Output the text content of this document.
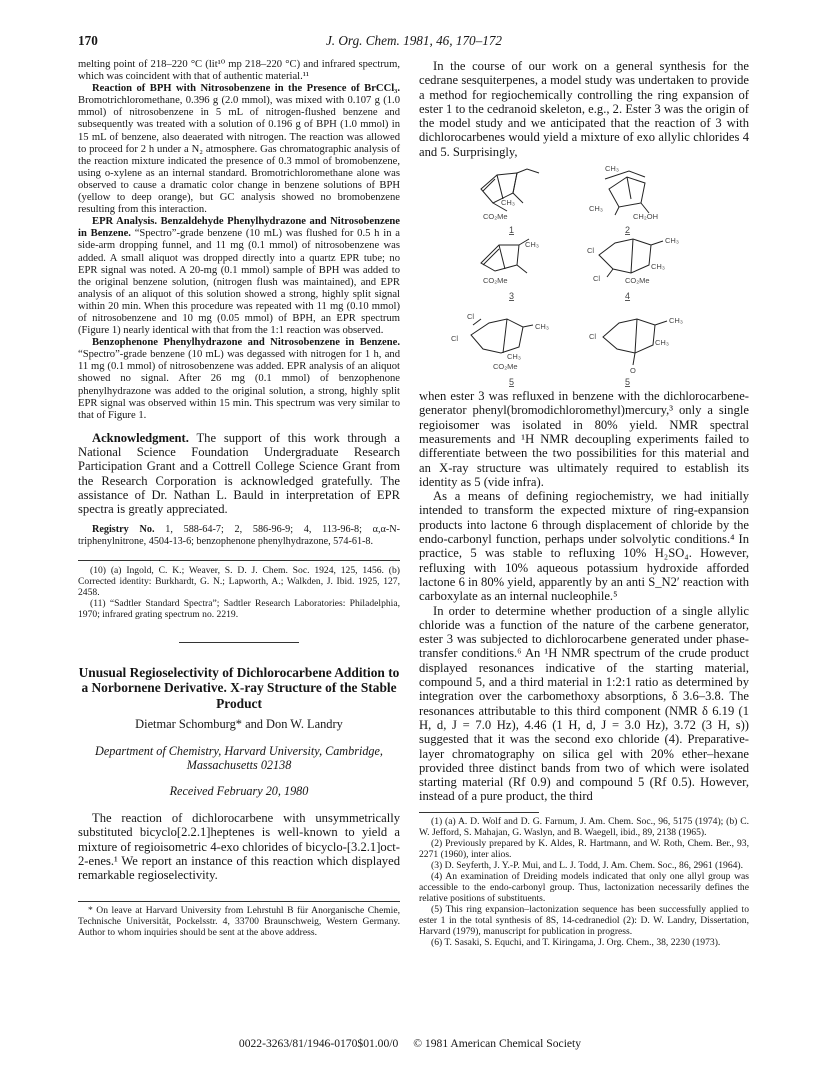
170	J. Org. Chem. 1981, 46, 170–172

melting point of 218–220 °C (lit¹⁰ mp 218–220 °C) and infrared spectrum, which was coincident with that of authentic material.¹¹

Reaction of BPH with Nitrosobenzene in the Presence of BrCCl₃. Bromotrichloromethane, 0.396 g (2.0 mmol), was mixed with 0.107 g (1.0 mmol) of nitrosobenzene in 5 mL of nitrogen-flushed benzene and subsequently was treated with a solution of 0.196 g of BPH (1.0 mmol) in 15 mL of benzene, also deaerated with nitrogen. The reaction was allowed to proceed for 2 h under a N₂ atmosphere. Gas chromatographic analysis of the reaction mixture indicated the presence of 0.3 mmol of bromobenzene, using o-xylene as an internal standard. Bromotrichloromethane alone was observed to cause a dramatic color change in benzene solutions of BPH (yellow to deep orange), but GC analysis showed no bromobenzene resulting from this interaction.

EPR Analysis. Benzaldehyde Phenylhydrazone and Nitrosobenzene in Benzene. “Spectro”-grade benzene (10 mL) was flushed for 0.5 h in a side-arm dropping funnel, and 11 mg (0.1 mmol) of nitrosobenzene was added. A small aliquot was dropped directly into a quartz EPR tube; no EPR signal was noted. A 20-mg (0.1 mmol) sample of BPH was added to the original benzene solution, (nitrogen flush was maintained), and EPR analysis of an aliquot of this solution showed a strong, highly split signal within 20 min. When this procedure was repeated with 11 mg (0.10 mmol) of nitrosobenzene and 10 mg (0.05 mmol) of BPH, an EPR spectrum (Figure 1) nearly identical with that from the 1:1 reaction was observed.

Benzophenone Phenylhydrazone and Nitrosobenzene in Benzene. “Spectro”-grade benzene (10 mL) was degassed with nitrogen for 1 h, and 11 mg (0.1 mmol) of nitrosobenzene was added. EPR analysis of an aliquot showed no signal. After 26 mg (0.1 mmol) of benzophenone phenylhydrazone was added to the original solution, a strong, highly split EPR signal was observed within 15 min. This spectrum was very similar to that of Figure 1.

Acknowledgment. The support of this work through a National Science Foundation Undergraduate Research Participation Grant and a Cottrell College Science Grant from the Research Corporation is acknowledged gratefully. The assistance of Dr. Nathan L. Bauld in interpretation of EPR spectra is greatly appreciated.

Registry No. 1, 588-64-7; 2, 586-96-9; 4, 113-96-8; α,α-N-triphenylnitrone, 4504-13-6; benzophenone phenylhydrazone, 574-61-8.

(10) (a) Ingold, C. K.; Weaver, S. D. J. Chem. Soc. 1924, 125, 1456. (b) Corrected identity: Burkhardt, G. N.; Lapworth, A.; Walkden, J. Ibid. 1925, 127, 2458.

(11) “Sadtler Standard Spectra”; Sadtler Research Laboratories: Philadelphia, 1970; infrared grating spectrum no. 2219.

Unusual Regioselectivity of Dichlorocarbene Addition to a Norbornene Derivative. X-ray Structure of the Stable Product
Dietmar Schomburg* and Don W. Landry
Department of Chemistry, Harvard University, Cambridge, Massachusetts 02138
Received February 20, 1980

The reaction of dichlorocarbene with unsymmetrically substituted bicyclo[2.2.1]heptenes is well-known to yield a mixture of regioisometric 4-exo chlorides of bicyclo-[3.2.1]oct-2-enes.¹ We report an instance of this reaction which displayed remarkable regioselectivity.

* On leave at Harvard University from Lehrstuhl B für Anorganische Chemie, Technische Universität, Pockelsstr. 4, 33700 Braunschweig, Western Germany. Author to whom inquiries should be sent at the above address.

In the course of our work on a general synthesis for the cedrane sesquiterpenes, a model study was undertaken to provide a method for regiochemically controlling the ring expansion of ester 1 to the cedranoid skeleton, e.g., 2. Ester 3 was the origin of the model study and we anticipated that the reaction of 3 with dichlorocarbenes would yield a mixture of exo allylic chlorides 4 and 5. Surprisingly,

CH₃
CH₃
CO₂Me
CH₃
CH₂OH
CH₃
CO₂Me
Cl
Cl
CH₃
CH₃
CO₂Me
Cl
Cl
CH₃
CH₃
CO₂Me
Cl
CH₃
CH₃
O
1	2
3	4
5	5

when ester 3 was refluxed in benzene with the dichlorocarbene-generator phenyl(bromodichloromethyl)mercury,³ only a single regioisomer was isolated in 80% yield. NMR spectral measurements and ¹H NMR decoupling experiments failed to differentiate between the two possibilities for this material and an X-ray structure was ultimately required to establish its identity as 5 (vide infra).

As a means of defining regiochemistry, we had initially intended to transform the expected mixture of ring-expansion products into lactone 6 through displacement of chloride by the endo-carbonyl function, perhaps under solvolytic conditions.⁴ In practice, 5 was stable to refluxing 10% H₂SO₄. However, refluxing with 10% aqueous potassium hydroxide afforded lactone 6 in 80% yield, apparently by an anti S_N2′ reaction with carboxylate as an internal nucleophile.⁵

In order to determine whether production of a single allylic chloride was a function of the nature of the carbene generator, ester 3 was subjected to dichlorocarbene generated under phase-transfer conditions.⁶ An ¹H NMR spectrum of the crude product displayed resonances indicative of the starting material, compound 5, and a third material in 1:2:1 ratio as determined by integration over the carbomethoxy absorptions, δ 3.6–3.8. The resonances attributable to this third component (NMR δ 6.19 (1 H, d, J = 7.0 Hz), 4.46 (1 H, d, J = 3.0 Hz), 3.72 (3 H, s)) suggested that it was the second exo chloride (4). Preparative-layer chromatography on silica gel with 20% ether–hexane provided three distinct bands from two of which were isolated starting material (Rf 0.9) and compound 5 (Rf 0.5). However, instead of a pure product, the third

(1) (a) A. D. Wolf and D. G. Farnum, J. Am. Chem. Soc., 96, 5175 (1974); (b) C. W. Jefford, S. Mahajan, G. Waslyn, and B. Waegell, ibid., 89, 2138 (1965).

(2) Previously prepared by K. Aldes, R. Hartmann, and W. Roth, Chem. Ber., 93, 2271 (1960), inter alios.

(3) D. Seyferth, J. Y.-P. Mui, and L. J. Todd, J. Am. Chem. Soc., 86, 2961 (1964).

(4) An examination of Dreiding models indicated that only one allyl group was accessible to the endo-carbonyl group. Thus, lactonization necessarily defines the relative positions of substituents.

(5) This ring expansion–lactonization sequence has been successfully applied to ester 1 in the total synthesis of 8S, 14-cedranediol (2): D. W. Landry, Dissertation, Harvard (1979), manuscript for publication in progress.

(6) T. Sasaki, S. Equchi, and T. Kiringama, J. Org. Chem., 38, 2230 (1973).

0022-3263/81/1946-0170$01.00/0 © 1981 American Chemical Society
